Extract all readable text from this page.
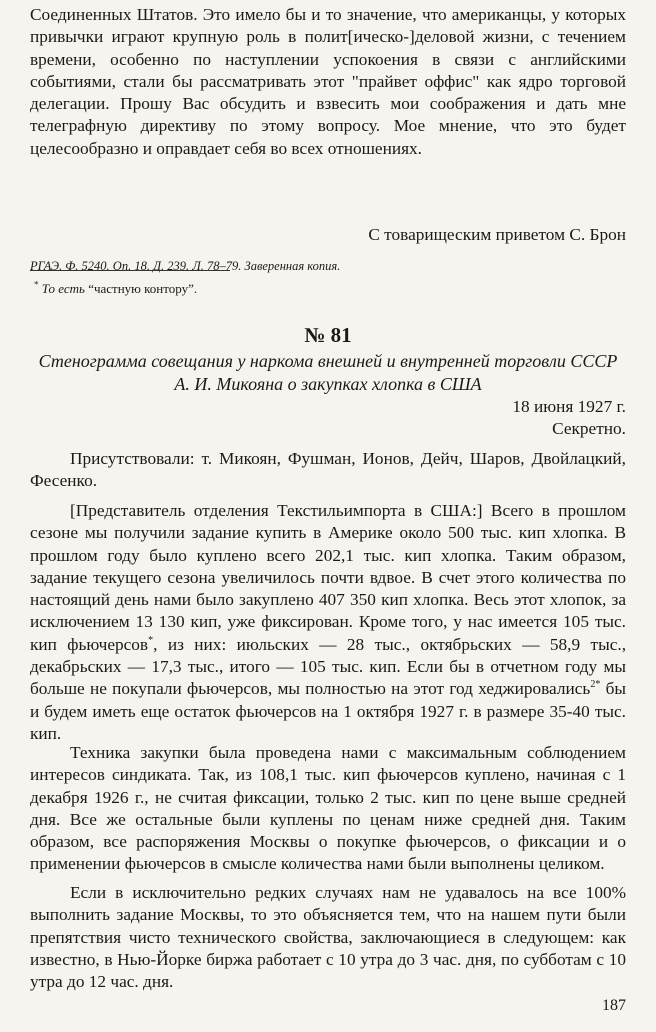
Соединенных Штатов. Это имело бы и то значение, что американцы, у которых привычки играют крупную роль в полит[ическо-]деловой жизни, с течением времени, особенно по наступлении успокоения в связи с английскими событиями, стали бы рассматривать этот "прайвет оффис" как ядро торговой делегации. Прошу Вас обсудить и взвесить мои соображения и дать мне телеграфную директиву по этому вопросу. Мое мнение, что это будет целесообразно и оправдает себя во всех отношениях.

С товарищеским приветом С. Брон
РГАЭ. Ф. 5240. Оп. 18. Д. 239. Л. 78–79. Заверенная копия.
* То есть “частную контору”.
№ 81
Стенограмма совещания у наркома внешней и внутренней торговли СССР А. И. Микояна о закупках хлопка в США
18 июня 1927 г.
Секретно.

Присутствовали: т. Микоян, Фушман, Ионов, Дейч, Шаров, Двойлацкий, Фесенко.

[Представитель отделения Текстильимпорта в США:] Всего в прошлом сезоне мы получили задание купить в Америке около 500 тыс. кип хлопка. В прошлом году было куплено всего 202,1 тыс. кип хлопка. Таким образом, задание текущего сезона увеличилось почти вдвое. В счет этого количества по настоящий день нами было закуплено 407 350 кип хлопка. Весь этот хлопок, за исключением 13 130 кип, уже фиксирован. Кроме того, у нас имеется 105 тыс. кип фьючерсов*, из них: июльских — 28 тыс., октябрьских — 58,9 тыс., декабрьских — 17,3 тыс., итого — 105 тыс. кип. Если бы в отчетном году мы больше не покупали фьючерсов, мы полностью на этот год хеджировались$^{2*}$ бы и будем иметь еще остаток фьючерсов на 1 октября 1927 г. в размере 35-40 тыс. кип.

Техника закупки была проведена нами с максимальным соблюдением интересов синдиката. Так, из 108,1 тыс. кип фьючерсов куплено, начиная с 1 декабря 1926 г., не считая фиксации, только 2 тыс. кип по цене выше средней дня. Все же остальные были куплены по ценам ниже средней дня. Таким образом, все распоряжения Москвы о покупке фьючерсов, о фиксации и о применении фьючерсов в смысле количества нами были выполнены целиком.

Если в исключительно редких случаях нам не удавалось на все 100% выполнить задание Москвы, то это объясняется тем, что на нашем пути были препятствия чисто технического свойства, заключающиеся в следующем: как известно, в Нью-Йорке биржа работает с 10 утра до 3 час. дня, по субботам с 10 утра до 12 час. дня.

187
